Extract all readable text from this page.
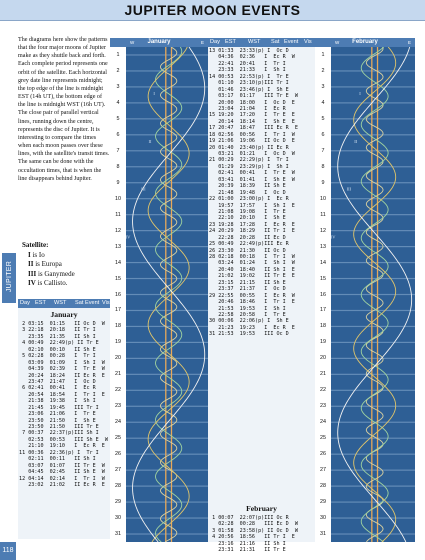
JUPITER MOON EVENTS
The diagrams here show the patterns that the four major moons of Jupiter make as they shuttle back and forth. Each complete period represents one orbit of the satellite. Each horizontal grey date line represents midnight; the top edge of the line is midnight EST (14h UT), the bottom edge of the line is midnight WST (16h UT). The close pair of parallel vertical lines, running down the centre, represents the disc of Jupiter. It is interesting to compare the times when each moon passes over these lines, with the satellite's transit times. The same can be done with the occultation times, that is when the line disappears behind Jupiter.
Satellite:
I is Io
II is Europa
III is Ganymede
IV is Callisto.
JUPITER
118
Day EST WST Sat Event Vis
January
2 03:15  01:15   II Oc D  W
3 22:18  20:18   II Tr I
23:35  21:35   II Sh I
4 00:49  22:49(p) II Tr E
02:10  00:10   II Sh E
5 02:28  00:28   I  Tr I
03:09  01:09   I  Sh I  W
04:39  02:39   I  Tr E  W
20:24  18:24   II Ec R  E
23:47  21:47   I  Oc D
6 02:41  00:41   I  Ec R
20:54  18:54   I  Tr I  E
21:38  19:38   I  Sh I
21:45  19:45   III Tr I
23:06  21:06   I  Tr E
23:50  21:50   I  Sh E
23:50  21:50   III Tr E
7 00:37  22:37(p)III Sh I
02:53  00:53   III Sh E  W
21:10  19:10   I  Ec R  E
11 00:36  22:36(p) I  Tr I
02:11  00:11   II Sh I
03:07  01:07   II Tr E  W
04:45  02:45   II Sh E  W
12 04:14  02:14   I  Tr I  W
23:02  21:02   II Ec R  E
W	January	E
1
2
3
4
5
6
7
8
9
10
11
12
13
14
15
16
17
18
19
20
21
22
23
24
25
26
27
28
29
30
31
I
II
III
IV
Day EST WST Sat Event Vis
13 01:33  23:33(p) I  Oc D
04:36  02:36   I  Ec R  W
22:41  20:41   I  Tr I
23:33  21:33   I  Sh I
14 00:53  22:53(p) I  Tr E
01:10  23:10(p)III Tr I
01:46  23:46(p) I  Sh E
03:17  01:17   III Tr E  W
20:00  18:00   I  Oc D  E
23:04  21:04   I  Ec R
15 19:20  17:20   I  Tr E  E
20:14  18:14   I  Sh E  E
17 20:47  18:47   III Ec R  E
18 02:56  00:56   I  Tr I  W
19 21:06  19:06   II Oc D  E
20 01:40  23:40(p) II Ec R
03:21  01:21   I  Oc D  W
21 00:29  22:29(p) I  Tr I
01:29  23:29(p) I  Sh I
02:41  00:41   I  Tr E  W
03:41  01:41   I  Sh E  W
20:39  18:39   II Sh E
21:48  19:48   I  Oc D
22 01:00  23:00(p) I  Ec R
19:57  17:57   I  Sh I  E
21:08  19:08   I  Tr E
22:10  20:10   I  Sh E
23 19:28  17:28   I  Ec R  E
24 20:29  18:29   II Tr I  E
22:28  20:28   II Ec D
25 00:49  22:49(p)III Ec R
26 23:30  21:30   II Oc D
28 02:18  00:18   I  Tr I  W
03:24  01:24   I  Sh I  W
20:40  18:40   II Sh I  E
21:02  19:02   II Tr E  E
23:15  21:15   II Sh E
23:37  21:37   I  Oc D
29 22:55  00:55   I  Ec R  W
20:46  18:46   I  Tr I  E
21:53  19:53   I  Sh I
22:58  20:58   I  Tr E
30 00:06  22:06(p) I  Sh E
21:23  19:23   I  Ec R  E
31 21:53  19:53   III Oc D
February
1 00:07  22:07(p)III Oc R
02:28  00:28   III Ec D  W
3 01:58  23:58(p) II Oc D  W
4 20:56  18:56   II Tr I  E
23:16  21:16   II Sh I
23:31  21:31   II Tr E
W	February	E
1
2
3
4
5
6
7
8
9
10
11
12
13
14
15
16
17
18
19
20
21
22
23
24
25
26
27
28
29
30
31
I
II
III
IV
